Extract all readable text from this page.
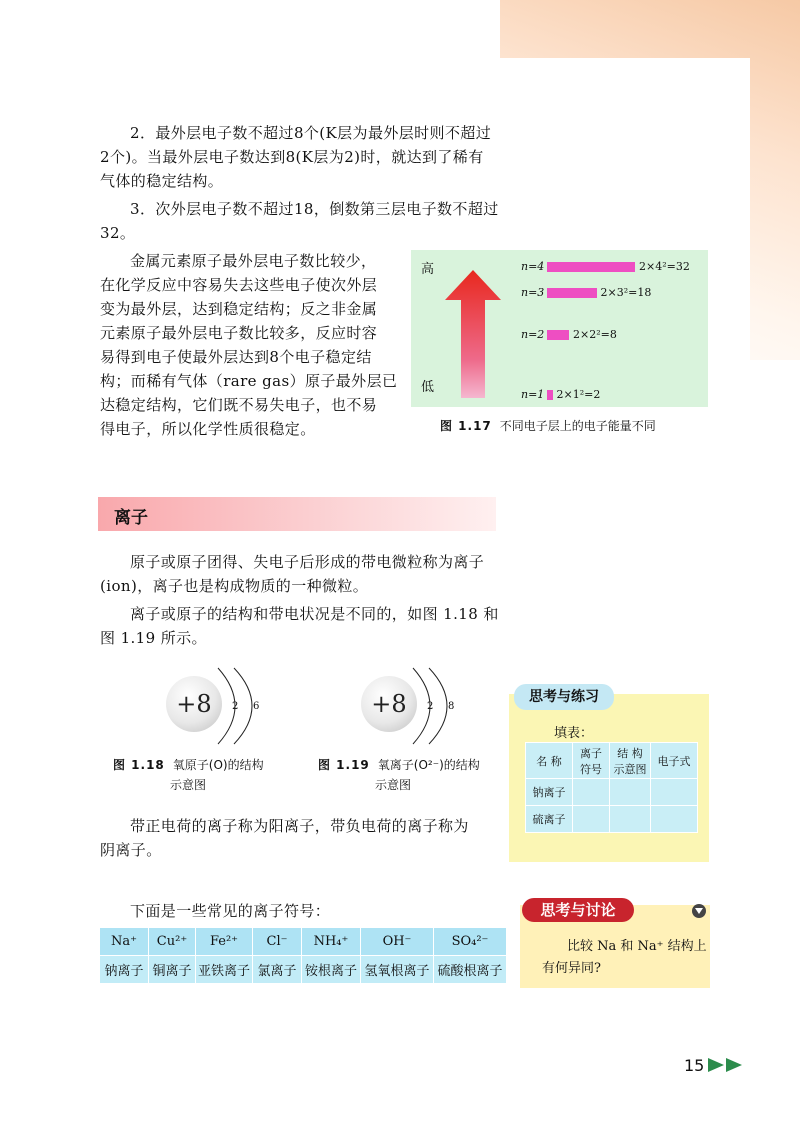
2．最外层电子数不超过8个(K层为最外层时则不超过

2个)。当最外层电子数达到8(K层为2)时，就达到了稀有

气体的稳定结构。

3．次外层电子数不超过18，倒数第三层电子数不超过

32。

金属元素原子最外层电子数比较少，

在化学反应中容易失去这些电子使次外层

变为最外层，达到稳定结构；反之非金属

元素原子最外层电子数比较多，反应时容

易得到电子使最外层达到8个电子稳定结

构；而稀有气体（rare gas）原子最外层已

达稳定结构，它们既不易失电子，也不易

得电子，所以化学性质很稳定。

高
低
n=4	2×4²=32
n=3	2×3²=18
n=2	2×2²=8
n=1 2×1²=2
图 1.17 不同电子层上的电子能量不同
离子

原子或原子团得、失电子后形成的带电微粒称为离子

(ion)，离子也是构成物质的一种微粒。

离子或原子的结构和带电状况是不同的，如图 1.18 和

图 1.19 所示。

+8	2 6
图 1.18 氧原子(O)的结构
示意图
+8	2 8
图 1.19 氧离子(O²⁻)的结构
示意图

带正电荷的离子称为阳离子，带负电荷的离子称为

阴离子。

下面是一些常见的离子符号：

Na⁺	Cu²⁺	Fe²⁺	Cl⁻	NH₄⁺	OH⁻	SO₄²⁻
钠离子	铜离子	亚铁离子	氯离子	铵根离子	氢氧根离子	硫酸根离子
填表：
思考与练习
名 称	离子符号	结 构示意图	电子式
钠离子			
硫离子			
比较 Na 和 Na⁺ 结构上
有何异同?
思考与讨论
15
